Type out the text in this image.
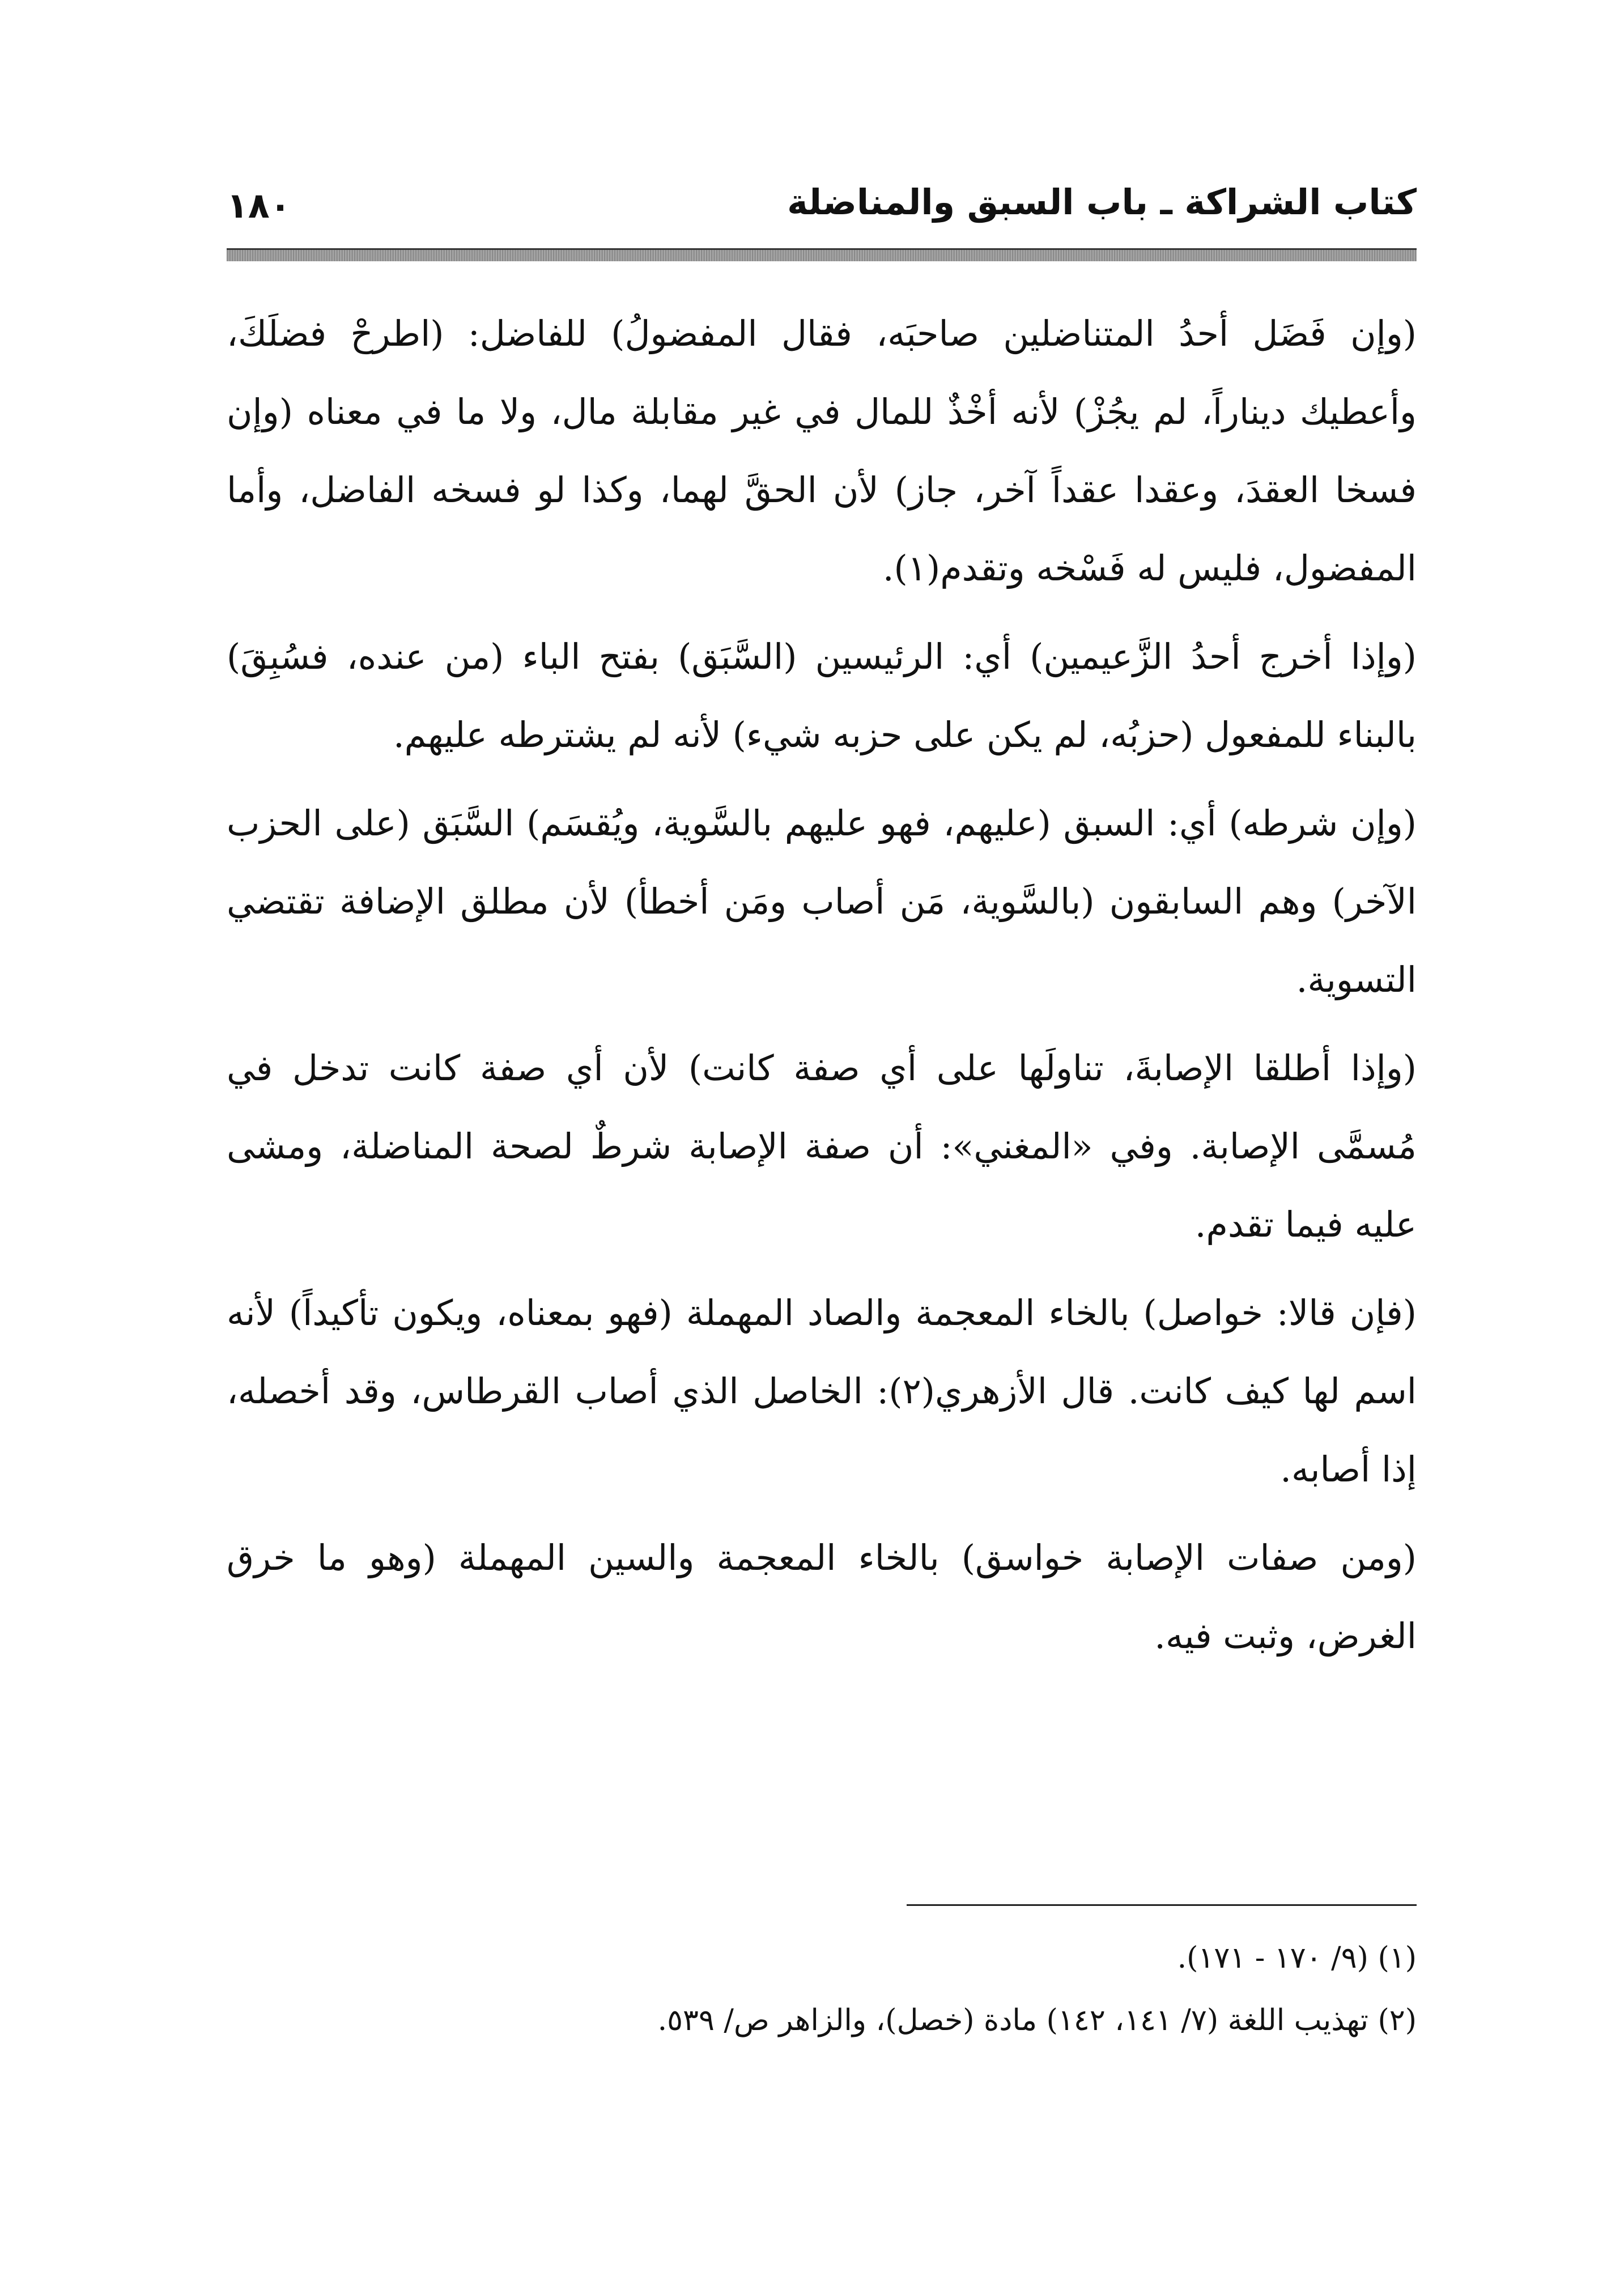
كتاب الشراكة ـ باب السبق والمناضلة
١٨٠

(وإن فَضَل أحدُ المتناضلين صاحبَه، فقال المفضولُ) للفاضل: (اطرحْ فضلَكَ، وأعطيك ديناراً، لم يجُزْ) لأنه أخْذٌ للمال في غير مقابلة مال، ولا ما في معناه (وإن فسخا العقدَ، وعقدا عقداً آخر، جاز) لأن الحقَّ لهما، وكذا لو فسخه الفاضل، وأما المفضول، فليس له فَسْخه وتقدم(١).

(وإذا أخرج أحدُ الزَّعيمين) أي: الرئيسين (السَّبَق) بفتح الباء (من عنده، فسُبِقَ) بالبناء للمفعول (حزبُه، لم يكن على حزبه شيء) لأنه لم يشترطه عليهم.

(وإن شرطه) أي: السبق (عليهم، فهو عليهم بالسَّوية، ويُقسَم) السَّبَق (على الحزب الآخر) وهم السابقون (بالسَّوية، مَن أصاب ومَن أخطأ) لأن مطلق الإضافة تقتضي التسوية.

(وإذا أطلقا الإصابةَ، تناولَها على أي صفة كانت) لأن أي صفة كانت تدخل في مُسمَّى الإصابة. وفي «المغني»: أن صفة الإصابة شرطٌ لصحة المناضلة، ومشى عليه فيما تقدم.

(فإن قالا: خواصل) بالخاء المعجمة والصاد المهملة (فهو بمعناه، ويكون تأكيداً) لأنه اسم لها كيف كانت. قال الأزهري(٢): الخاصل الذي أصاب القرطاس، وقد أخصله، إذا أصابه.

(ومن صفات الإصابة خواسق) بالخاء المعجمة والسين المهملة (وهو ما خرق الغرض، وثبت فيه.

(١) (٩/ ١٧٠ - ١٧١).

(٢) تهذيب اللغة (٧/ ١٤١، ١٤٢) مادة (خصل)، والزاهر ص/ ٥٣٩.
